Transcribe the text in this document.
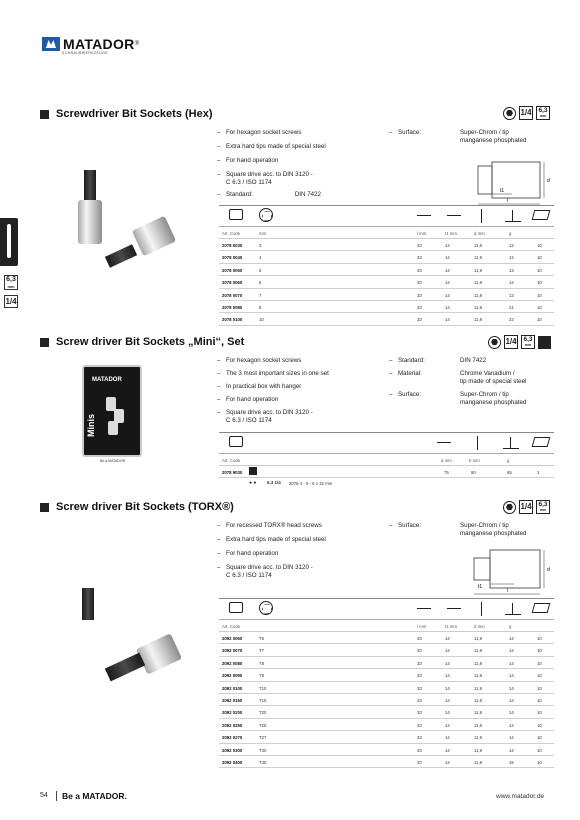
MATADOR ®
SCHRAUBWERKZEUGE
6,3
mm
1/4
Screwdriver Bit Sockets (Hex)	1/4	6,3
mm
– For hexagon socket screws
– Extra hard tips made of special steel
– For hand operation
– Square drive acc. to DIN 3120 -
C 6.3 / ISO 1174
– Standard:	DIN 7422
– Surface:	Super-Chrom / tip
manganese phosphated
d
t1
l
Art. Code	mm	l mm	t1 mm	d mm	g
2078 0030	3	33	14	11,9	12	10
2078 0040	4	33	14	11,9	12	10
2078 0050	5	33	14	11,9	13	10
2078 0060	6	33	14	11,9	14	10
2078 0070	7	33	14	11,9	13	10
2078 0080	8	33	14	11,9	21	10
2078 0100	10	33	14	11,9	22	10
Screw driver Bit Sockets „Mini“, Set	1/4	6,3
mm
– For hexagon socket screws
– The 3 most important sizes in one set
– In practical box with hanger
– For hand operation
– Square drive acc. to DIN 3120 -
C 6.3 / ISO 1174
– Standard:
– Material:
– Surface:
DIN 7422
Chrome Vanadium /
tip made of special steel
Super-Chrom / tip
manganese phosphated
MATADOR
Minis
Be a MATADOR	Art. Code	a mm	b mm	g
2078 9030	75	90	65	1
● ● 6,3 1/4 2078 4 - 5 - 6 x 32 mm
Screw driver Bit Sockets (TORX®)	1/4	6,3
mm
– For recessed TORX® head screws
– Extra hard tips made of special steel
– For hand operation
– Square drive acc. to DIN 3120 -
C 6.3 / ISO 1174
– Surface:	Super-Chrom / tip
manganese phosphated
d
t1
l
Art. Code	l mm	t1 mm	d mm	g
2092 0060	T6	33	14	11,9	14	10
2092 0070	T7	33	14	11,9	14	10
2092 0080	T8	33	14	11,9	14	10
2092 0090	T9	33	14	11,9	14	10
2092 0100	T10	33	14	11,9	14	10
2092 0150	T15	33	14	11,9	14	10
2092 0200	T20	33	14	11,9	14	10
2092 0250	T25	33	14	11,9	14	10
2092 0270	T27	33	14	11,9	14	10
2092 0300	T30	33	14	11,9	14	10
2092 0400	T40	33	14	11,9	15	10
54 Be a MATADOR.	www.matador.de
